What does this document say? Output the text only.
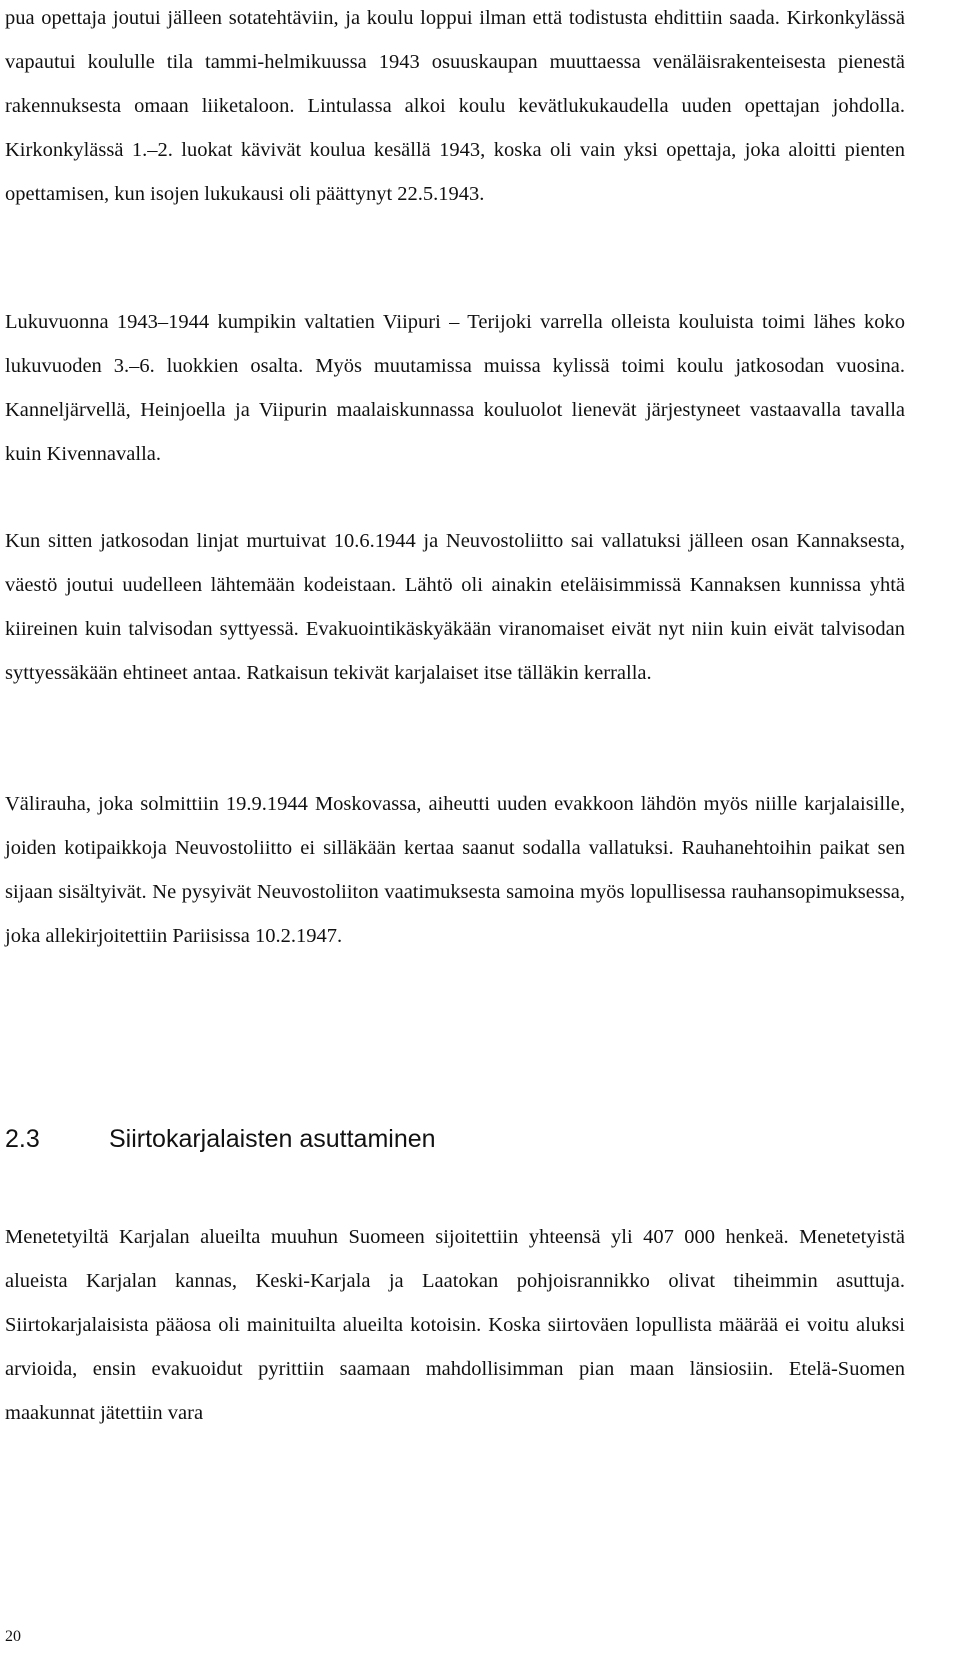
pua opettaja joutui jälleen sotatehtäviin, ja koulu loppui ilman että todistusta ehdittiin saada. Kirkonkylässä vapautui koululle tila tammi-helmikuussa 1943 osuuskaupan muuttaessa venäläisrakenteisesta pienestä rakennuksesta omaan liiketaloon. Lintulassa alkoi koulu kevätlukukaudella uuden opettajan johdolla. Kirkonkylässä 1.–2. luokat kävivät koulua kesällä 1943, koska oli vain yksi opettaja, joka aloitti pienten opettamisen, kun isojen lukukausi oli päättynyt 22.5.1943.

Lukuvuonna 1943–1944 kumpikin valtatien Viipuri – Terijoki varrella olleista kouluista toimi lähes koko lukuvuoden 3.–6. luokkien osalta. Myös muutamissa muissa kylissä toimi koulu jatkosodan vuosina. Kanneljärvellä, Heinjoella ja Viipurin maalaiskunnassa kouluolot lienevät järjestyneet vastaavalla tavalla kuin Kivennavalla.

Kun sitten jatkosodan linjat murtuivat 10.6.1944 ja Neuvostoliitto sai vallatuksi jälleen osan Kannaksesta, väestö joutui uudelleen lähtemään kodeistaan. Lähtö oli ainakin eteläisimmissä Kannaksen kunnissa yhtä kiireinen kuin talvisodan syttyessä. Evakuointikäskyäkään viranomaiset eivät nyt niin kuin eivät talvisodan syttyessäkään ehtineet antaa. Ratkaisun tekivät karjalaiset itse tälläkin kerralla.

Välirauha, joka solmittiin 19.9.1944 Moskovassa, aiheutti uuden evakkoon lähdön myös niille karjalaisille, joiden kotipaikkoja Neuvostoliitto ei silläkään kertaa saanut sodalla vallatuksi. Rauhanehtoihin paikat sen sijaan sisältyivät. Ne pysyivät Neuvostoliiton vaatimuksesta samoina myös lopullisessa rauhansopimuksessa, joka allekirjoitettiin Pariisissa 10.2.1947.

2.3	Siirtokarjalaisten asuttaminen

Menetetyiltä Karjalan alueilta muuhun Suomeen sijoitettiin yhteensä yli 407 000 henkeä. Menetetyistä alueista Karjalan kannas, Keski-Karjala ja Laatokan pohjoisrannikko olivat tiheimmin asuttuja. Siirtokarjalaisista pääosa oli mainituilta alueilta kotoisin. Koska siirtoväen lopullista määrää ei voitu aluksi arvioida, ensin evakuoidut pyrittiin saamaan mahdollisimman pian maan länsiosiin. Etelä-Suomen maakunnat jätettiin vara

20
